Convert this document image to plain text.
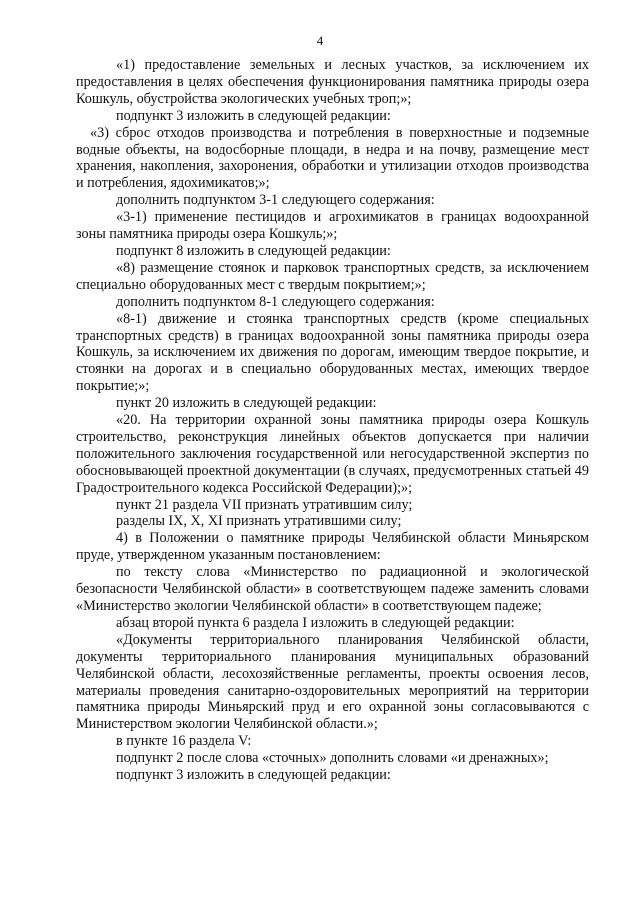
4

«1) предоставление земельных и лесных участков, за исключением их предоставления в целях обеспечения функционирования памятника природы озера Кошкуль, обустройства экологических учебных троп;»;

подпункт 3 изложить в следующей редакции:

«3) сброс отходов производства и потребления в поверхностные и подземные водные объекты, на водосборные площади, в недра и на почву, размещение мест хранения, накопления, захоронения, обработки и утилизации отходов производства и потребления, ядохимикатов;»;

дополнить подпунктом 3-1 следующего содержания:

«3-1) применение пестицидов и агрохимикатов в границах водоохранной зоны памятника природы озера Кошкуль;»;

подпункт 8 изложить в следующей редакции:

«8) размещение стоянок и парковок транспортных средств, за исключением специально оборудованных мест с твердым покрытием;»;

дополнить подпунктом 8-1 следующего содержания:

«8-1) движение и стоянка транспортных средств (кроме специальных транспортных средств) в границах водоохранной зоны памятника природы озера Кошкуль, за исключением их движения по дорогам, имеющим твердое покрытие, и стоянки на дорогах и в специально оборудованных местах, имеющих твердое покрытие;»;

пункт 20 изложить в следующей редакции:

«20. На территории охранной зоны памятника природы озера Кошкуль строительство, реконструкция линейных объектов допускается при наличии положительного заключения государственной или негосударственной экспертиз по обосновывающей проектной документации (в случаях, предусмотренных статьей 49 Градостроительного кодекса Российской Федерации);»;

пункт 21 раздела VII признать утратившим силу;

разделы IX, X, XI признать утратившими силу;

4) в Положении о памятнике природы Челябинской области Миньярском пруде, утвержденном указанным постановлением:

по тексту слова «Министерство по радиационной и экологической безопасности Челябинской области» в соответствующем падеже заменить словами «Министерство экологии Челябинской области» в соответствующем падеже;

абзац второй пункта 6 раздела I изложить в следующей редакции:

«Документы территориального планирования Челябинской области, документы территориального планирования муниципальных образований Челябинской области, лесохозяйственные регламенты, проекты освоения лесов, материалы проведения санитарно-оздоровительных мероприятий на территории памятника природы Миньярский пруд и его охранной зоны согласовываются с Министерством экологии Челябинской области.»;

в пункте 16 раздела V:

подпункт 2 после слова «сточных» дополнить словами «и дренажных»;

подпункт 3 изложить в следующей редакции:
